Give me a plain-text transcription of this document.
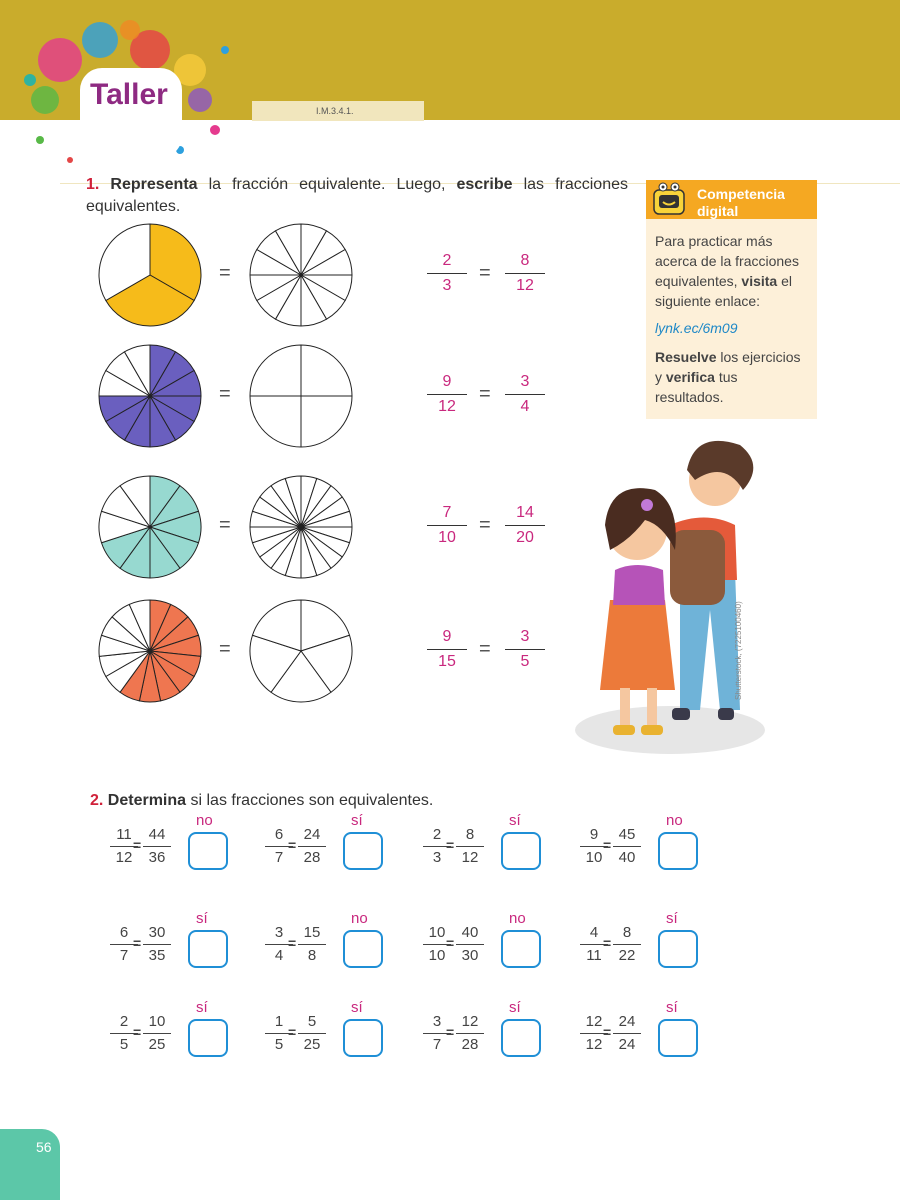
Taller	I.M.3.4.1.
1. Representa la fracción equivalente. Luego, escribe las fracciones equivalentes.
=
2
3
8
12
=
=
9
12
3
4
=
=
7
10
14
20
=
=
9
15
3
5
=
Competencia
digital
Para practicar más
acerca de la fracciones
equivalentes, visita el
siguiente enlace:
lynk.ec/6m09
Resuelve los ejercicios
y verifica tus
resultados.
Shutterstock, (7225100460)
2. Determina si las fracciones son equivalentes.
11
12
=
44
36
no
6
7
=
24
28
sí
2
3
=
8
12
sí
9
10
=
45
40
no
6
7
=
30
35
sí
3
4
=
15
8
no
10
10
=
40
30
no
4
11
=
8
22
sí
2
5
=
10
25
sí
1
5
=
5
25
sí
3
7
=
12
28
sí
12
12
=
24
24
sí
56
